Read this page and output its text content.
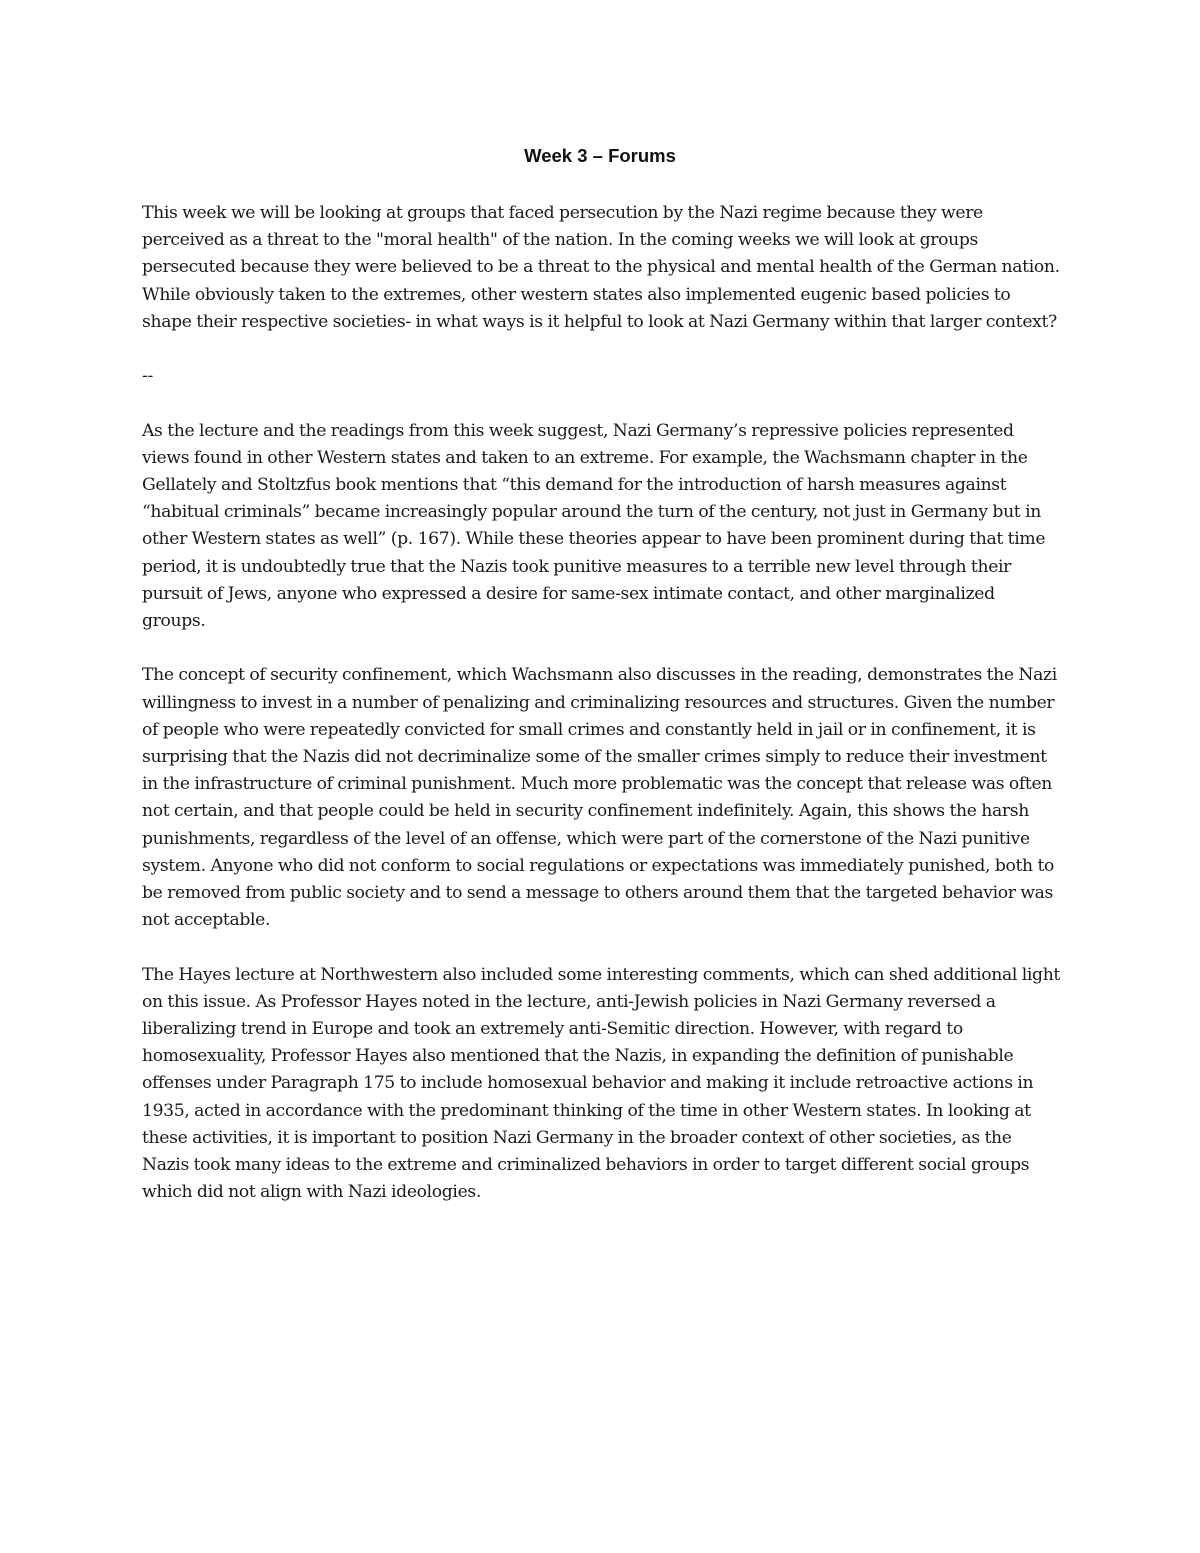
Week 3 – Forums

This week we will be looking at groups that faced persecution by the Nazi regime because they were perceived as a threat to the "moral health" of the nation. In the coming weeks we will look at groups persecuted because they were believed to be a threat to the physical and mental health of the German nation. While obviously taken to the extremes, other western states also implemented eugenic based policies to shape their respective societies- in what ways is it helpful to look at Nazi Germany within that larger context?

--

As the lecture and the readings from this week suggest, Nazi Germany’s repressive policies represented views found in other Western states and taken to an extreme. For example, the Wachsmann chapter in the Gellately and Stoltzfus book mentions that “this demand for the introduction of harsh measures against “habitual criminals” became increasingly popular around the turn of the century, not just in Germany but in other Western states as well” (p. 167). While these theories appear to have been prominent during that time period, it is undoubtedly true that the Nazis took punitive measures to a terrible new level through their pursuit of Jews, anyone who expressed a desire for same-sex intimate contact, and other marginalized groups.

The concept of security confinement, which Wachsmann also discusses in the reading, demonstrates the Nazi willingness to invest in a number of penalizing and criminalizing resources and structures. Given the number of people who were repeatedly convicted for small crimes and constantly held in jail or in confinement, it is surprising that the Nazis did not decriminalize some of the smaller crimes simply to reduce their investment in the infrastructure of criminal punishment. Much more problematic was the concept that release was often not certain, and that people could be held in security confinement indefinitely. Again, this shows the harsh punishments, regardless of the level of an offense, which were part of the cornerstone of the Nazi punitive system. Anyone who did not conform to social regulations or expectations was immediately punished, both to be removed from public society and to send a message to others around them that the targeted behavior was not acceptable.

The Hayes lecture at Northwestern also included some interesting comments, which can shed additional light on this issue. As Professor Hayes noted in the lecture, anti-Jewish policies in Nazi Germany reversed a liberalizing trend in Europe and took an extremely anti-Semitic direction. However, with regard to homosexuality, Professor Hayes also mentioned that the Nazis, in expanding the definition of punishable offenses under Paragraph 175 to include homosexual behavior and making it include retroactive actions in 1935, acted in accordance with the predominant thinking of the time in other Western states. In looking at these activities, it is important to position Nazi Germany in the broader context of other societies, as the Nazis took many ideas to the extreme and criminalized behaviors in order to target different social groups which did not align with Nazi ideologies.
